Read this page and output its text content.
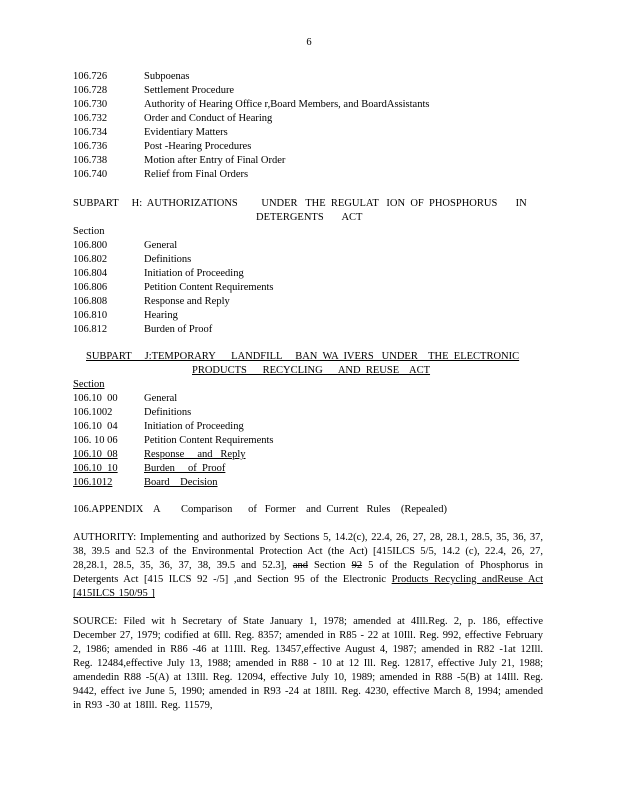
6
106.726	Subpoenas
106.728	Settlement Procedure
106.730	Authority of Hearing Office r,Board Members, and BoardAssistants
106.732	Order and Conduct of Hearing
106.734	Evidentiary Matters
106.736	Post -Hearing Procedures
106.738	Motion after Entry of Final Order
106.740	Relief from Final Orders
SUBPART     H:  AUTHORIZATIONS         UNDER   THE  REGULAT   ION  OF  PHOSPHORUS       IN
DETERGENTS       ACT
Section
106.800	General
106.802	Definitions
106.804	Initiation of Proceeding
106.806	Petition Content Requirements
106.808	Response and Reply
106.810	Hearing
106.812	Burden of Proof
SUBPART     J:TEMPORARY      LANDFILL     BAN  WA  IVERS   UNDER    THE  ELECTRONIC
PRODUCTS      RECYCLING      AND  REUSE    ACT
Section
106.10  00	General
106.1002	Definitions
106.10  04	Initiation of Proceeding
106. 10 06	Petition Content Requirements
106.10  08	Response     and   Reply
106.10  10	Burden     of  Proof
106.1012	Board    Decision
106.APPENDIX A        Comparison      of   Former    and  Current   Rules    (Repealed)
AUTHORITY: Implementing and authorized by Sections 5, 14.2(c), 22.4, 26, 27, 28, 28.1, 28.5, 35, 36, 37, 38, 39.5 and 52.3 of the Environmental Protection Act (the Act) [415ILCS 5/5, 14.2 (c), 22.4, 26, 27, 28,28.1, 28.5, 35, 36, 37, 38, 39.5 and 52.3], and Section 92 5 of the Regulation of Phosphorus in Detergents Act [415 ILCS 92 -/5] ,and Section 95 of the Electronic Products Recycling andReuse Act [415ILCS 150/95 ]
SOURCE: Filed wit h Secretary of State January 1, 1978; amended at 4Ill.Reg. 2, p. 186, effective December 27, 1979; codified at 6Ill. Reg. 8357; amended in R85 - 22 at 10Ill. Reg. 992, effective February 2, 1986; amended in R86 -46 at 11Ill. Reg. 13457,effective August 4, 1987; amended in R82 -1at 12Ill. Reg. 12484,effective July 13, 1988; amended in R88 - 10 at 12 Ill. Reg. 12817, effective July 21, 1988; amendedin R88 -5(A) at 13Ill. Reg. 12094, effective July 10, 1989; amended in R88 -5(B) at 14Ill. Reg. 9442, effect ive June 5, 1990; amended in R93 -24 at 18Ill. Reg. 4230, effective March 8, 1994; amended in R93 -30 at 18Ill. Reg. 11579,
